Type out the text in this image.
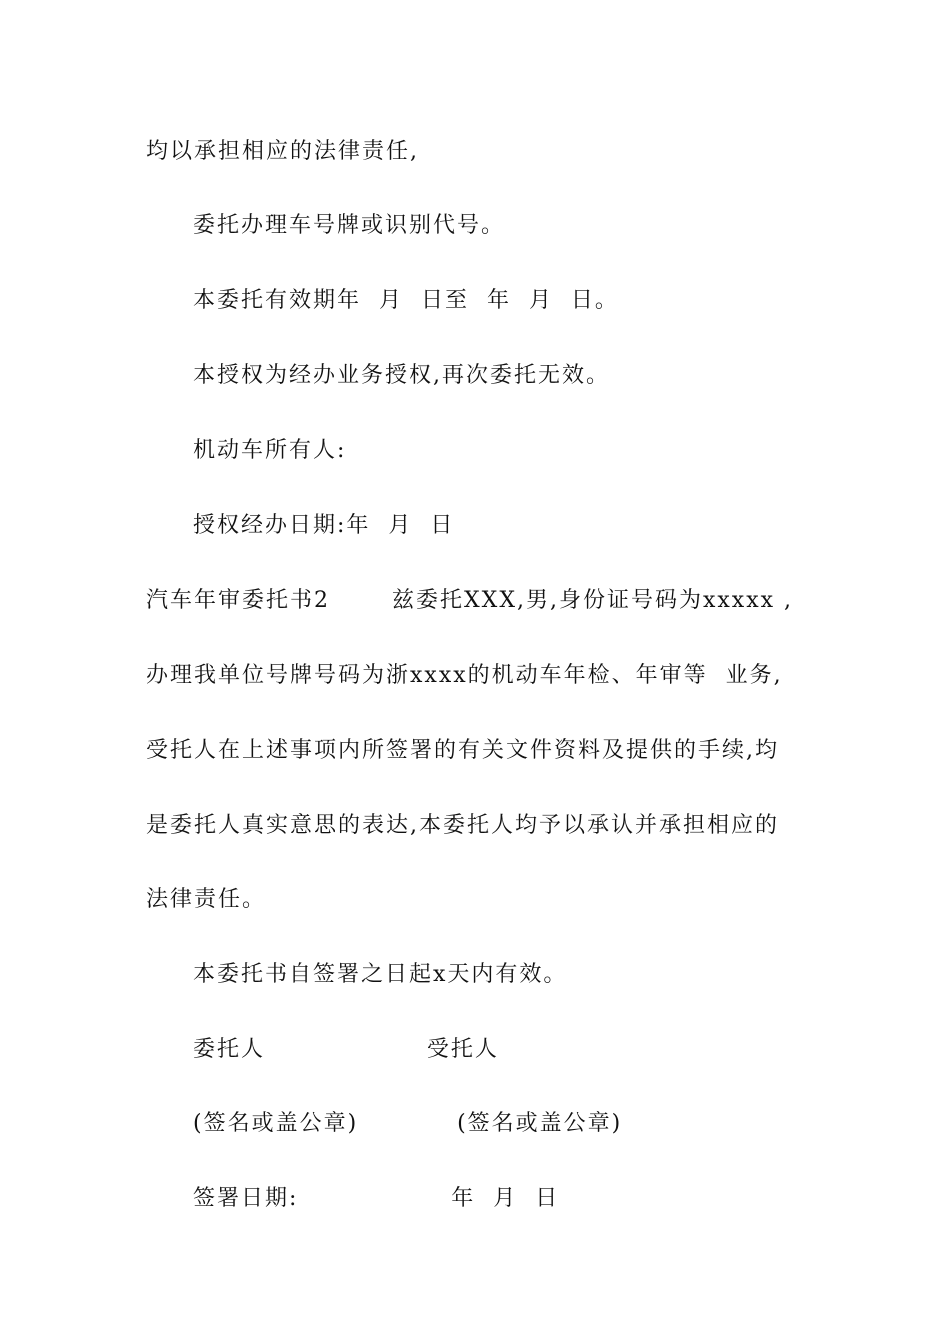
均以承担相应的法律责任,
委托办理车号牌或识别代号。
本委托有效期年  月  日至  年  月  日。
本授权为经办业务授权,再次委托无效。
机动车所有人:
授权经办日期:年  月  日
汽车年审委托书2	兹委托XXX,男,身份证号码为xxxxx ,
办理我单位号牌号码为浙xxxx的机动车年检、年审等  业务,
受托人在上述事项内所签署的有关文件资料及提供的手续,均
是委托人真实意思的表达,本委托人均予以承认并承担相应的
法律责任。
本委托书自签署之日起x天内有效。
委托人                  受托人
(签名或盖公章)           (签名或盖公章)
签署日期:                 年  月  日
